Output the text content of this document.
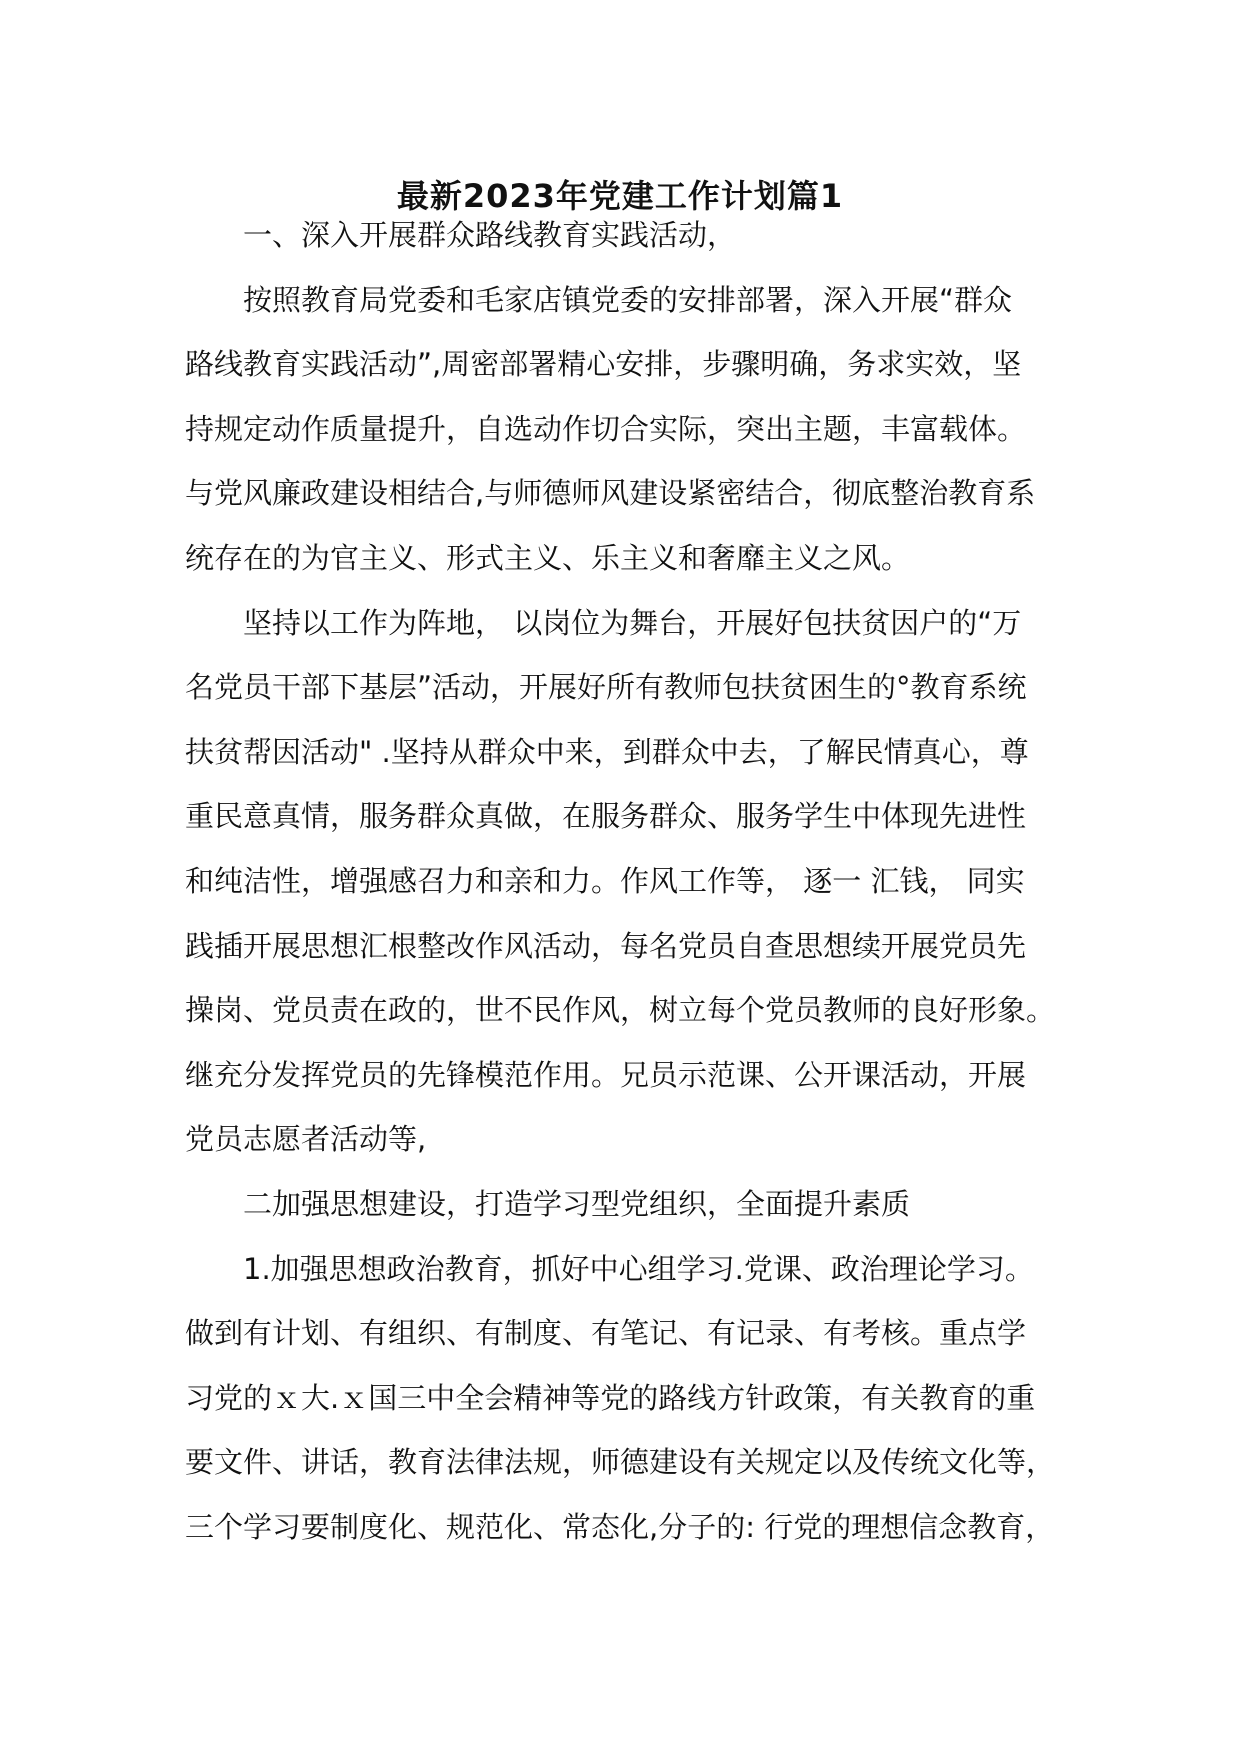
最新2023年党建工作计划篇1
一、深入开展群众路线教育实践活动，
按照教育局党委和毛家店镇党委的安排部署，深入开展“群众
路线教育实践活动”,周密部署精心安排，步骤明确，务求实效，坚
持规定动作质量提升，自选动作切合实际，突出主题，丰富载体。
与党风廉政建设相结合,与师德师风建设紧密结合，彻底整治教育系
统存在的为官主义、形式主义、乐主义和奢靡主义之风。
坚持以工作为阵地， 以岗位为舞台，开展好包扶贫因户的“万
名党员干部下基层”活动，开展好所有教师包扶贫困生的°教育系统
扶贫帮因活动" .坚持从群众中来，到群众中去，了解民情真心，尊
重民意真情，服务群众真做，在服务群众、服务学生中体现先进性
和纯洁性，增强感召力和亲和力。作风工作等， 逐一 汇钱， 同实
践插开展思想汇根整改作风活动，每名党员自查思想续开展党员先
操岗、党员责在政的，世不民作风，树立每个党员教师的良好形象。
继充分发挥党员的先锋模范作用。兄员示范课、公开课活动，开展
党员志愿者活动等,
二加强思想建设，打造学习型党组织，全面提升素质
1.加强思想政治教育，抓好中心组学习.党课、政治理论学习。
做到有计划、有组织、有制度、有笔记、有记录、有考核。重点学
习党的ｘ大.ｘ国三中全会精神等党的路线方针政策，有关教育的重
要文件、讲话，教育法律法规，师德建设有关规定以及传统文化等，
三个学习要制度化、规范化、常态化,分子的: 行党的理想信念教育，
